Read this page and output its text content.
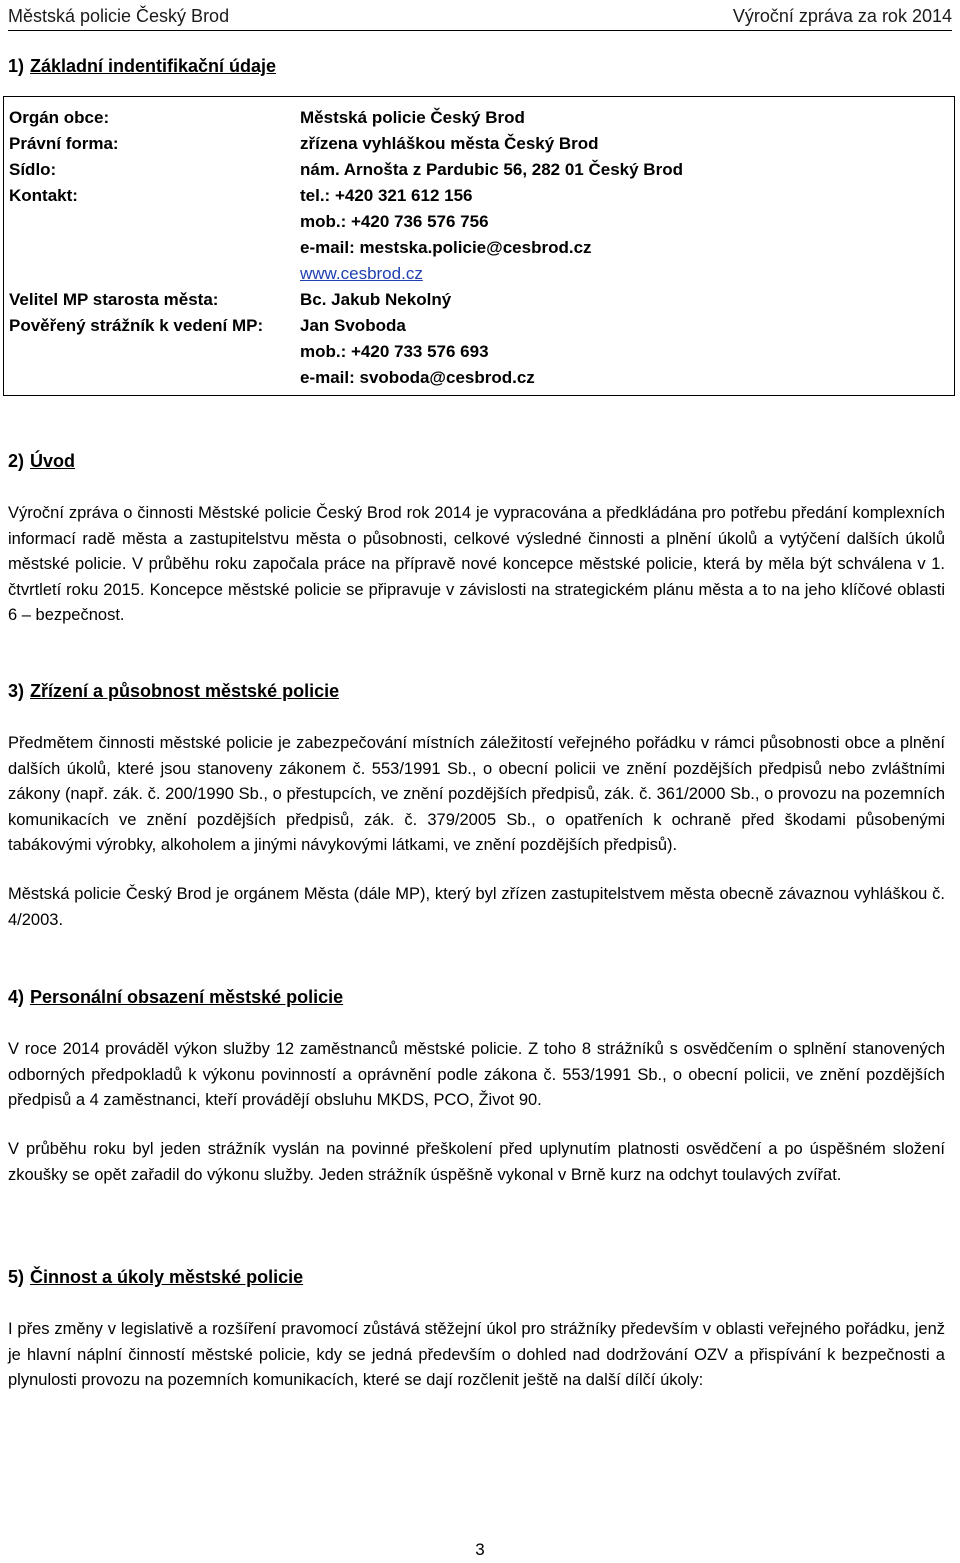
Městská policie Český Brod	Výroční zpráva za rok 2014
1) Základní indentifikační údaje
Orgán obce:	Městská policie Český Brod
Právní forma:	zřízena vyhláškou města Český Brod
Sídlo:	nám. Arnošta z Pardubic 56, 282 01 Český Brod
Kontakt:	tel.: +420 321 612 156
mob.: +420 736 576 756
e-mail: mestska.policie@cesbrod.cz
www.cesbrod.cz
Velitel MP starosta města:	Bc. Jakub Nekolný
Pověřený strážník k vedení MP: Jan Svoboda
mob.: +420 733 576 693
e-mail: svoboda@cesbrod.cz
2) Úvod

Výroční zpráva o činnosti Městské policie Český Brod rok 2014 je vypracována a předkládána pro potřebu předání komplexních informací radě města a zastupitelstvu města o působnosti, celkové výsledné činnosti a plnění úkolů a vytýčení dalších úkolů městské policie. V průběhu roku započala práce na přípravě nové koncepce městské policie, která by měla být schválena v 1. čtvrtletí roku 2015. Koncepce městské policie se připravuje v závislosti na strategickém plánu města a to na jeho klíčové oblasti 6 – bezpečnost.

3) Zřízení a působnost městské policie

Předmětem činnosti městské policie je zabezpečování místních záležitostí veřejného pořádku v rámci působnosti obce a plnění dalších úkolů, které jsou stanoveny zákonem č. 553/1991 Sb., o obecní policii ve znění pozdějších předpisů nebo zvláštními zákony (např. zák. č. 200/1990 Sb., o přestupcích, ve znění pozdějších předpisů, zák. č. 361/2000 Sb., o provozu na pozemních komunikacích ve znění pozdějších předpisů, zák. č. 379/2005 Sb., o opatřeních k ochraně před škodami působenými tabákovými výrobky, alkoholem a jinými návykovými látkami, ve znění pozdějších předpisů).

Městská policie Český Brod je orgánem Města (dále MP), který byl zřízen zastupitelstvem města obecně závaznou vyhláškou č. 4/2003.

4) Personální obsazení městské policie

V roce 2014 prováděl výkon služby 12 zaměstnanců městské policie. Z toho 8 strážníků s osvědčením o splnění stanovených odborných předpokladů k výkonu povinností a oprávnění podle zákona č. 553/1991 Sb., o obecní policii, ve znění pozdějších předpisů a 4 zaměstnanci, kteří provádějí obsluhu MKDS, PCO, Život 90.

V průběhu roku byl jeden strážník vyslán na povinné přeškolení před uplynutím platnosti osvědčení a po úspěšném složení zkoušky se opět zařadil do výkonu služby. Jeden strážník úspěšně vykonal v Brně kurz na odchyt toulavých zvířat.

5) Činnost a úkoly městské policie

I přes změny v legislativě a rozšíření pravomocí zůstává stěžejní úkol pro strážníky především v oblasti veřejného pořádku, jenž je hlavní náplní činností městské policie, kdy se jedná především o dohled nad dodržování OZV a přispívání k bezpečnosti a plynulosti provozu na pozemních komunikacích, které se dají rozčlenit ještě na další dílčí úkoly:

3
